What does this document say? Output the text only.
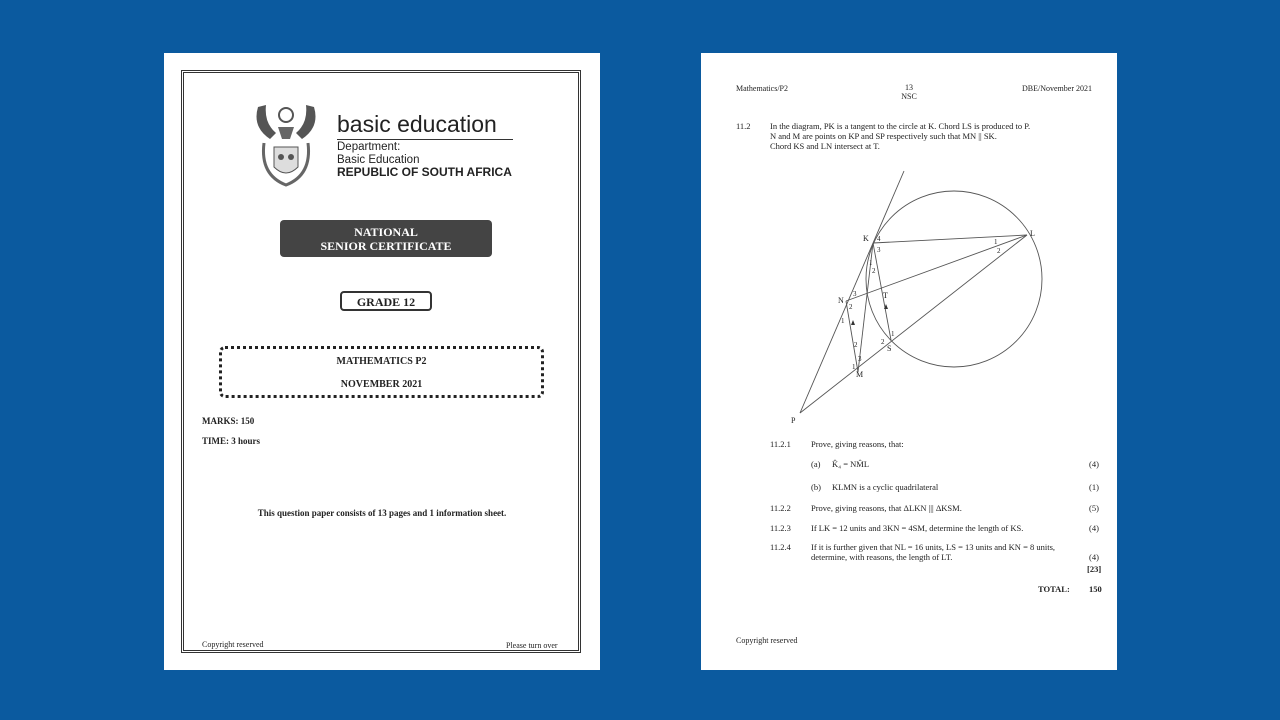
basic education
Department:
Basic Education
REPUBLIC OF SOUTH AFRICA
NATIONAL
SENIOR CERTIFICATE
GRADE 12
MATHEMATICS P2
NOVEMBER 2021
MARKS: 150
TIME: 3 hours
This question paper consists of 13 pages and 1 information sheet.
Copyright reserved	Please turn over
Mathematics/P2	13
NSC
DBE/November 2021
11.2 In the diagram, PK is a tangent to the circle at K. Chord LS is produced to P.
N and M are points on KP and SP respectively such that MN || SK.
Chord KS and LN intersect at T.
K
L
S
M
N
P
T
4
3
1
2
1
2
3
2
1
2
3
1
2
1
11.2.1 Prove, giving reasons, that:
(a) K̂₄ = NM̂L	(4)
(b) KLMN is a cyclic quadrilateral	(1)
11.2.2 Prove, giving reasons, that ΔLKN ||| ΔKSM.	(5)
11.2.3 If LK = 12 units and 3KN = 4SM, determine the length of KS.	(4)
11.2.4 If it is further given that NL = 16 units, LS = 13 units and KN = 8 units, determine, with reasons, the length of LT.	(4)
[23]
TOTAL: 150
Copyright reserved
